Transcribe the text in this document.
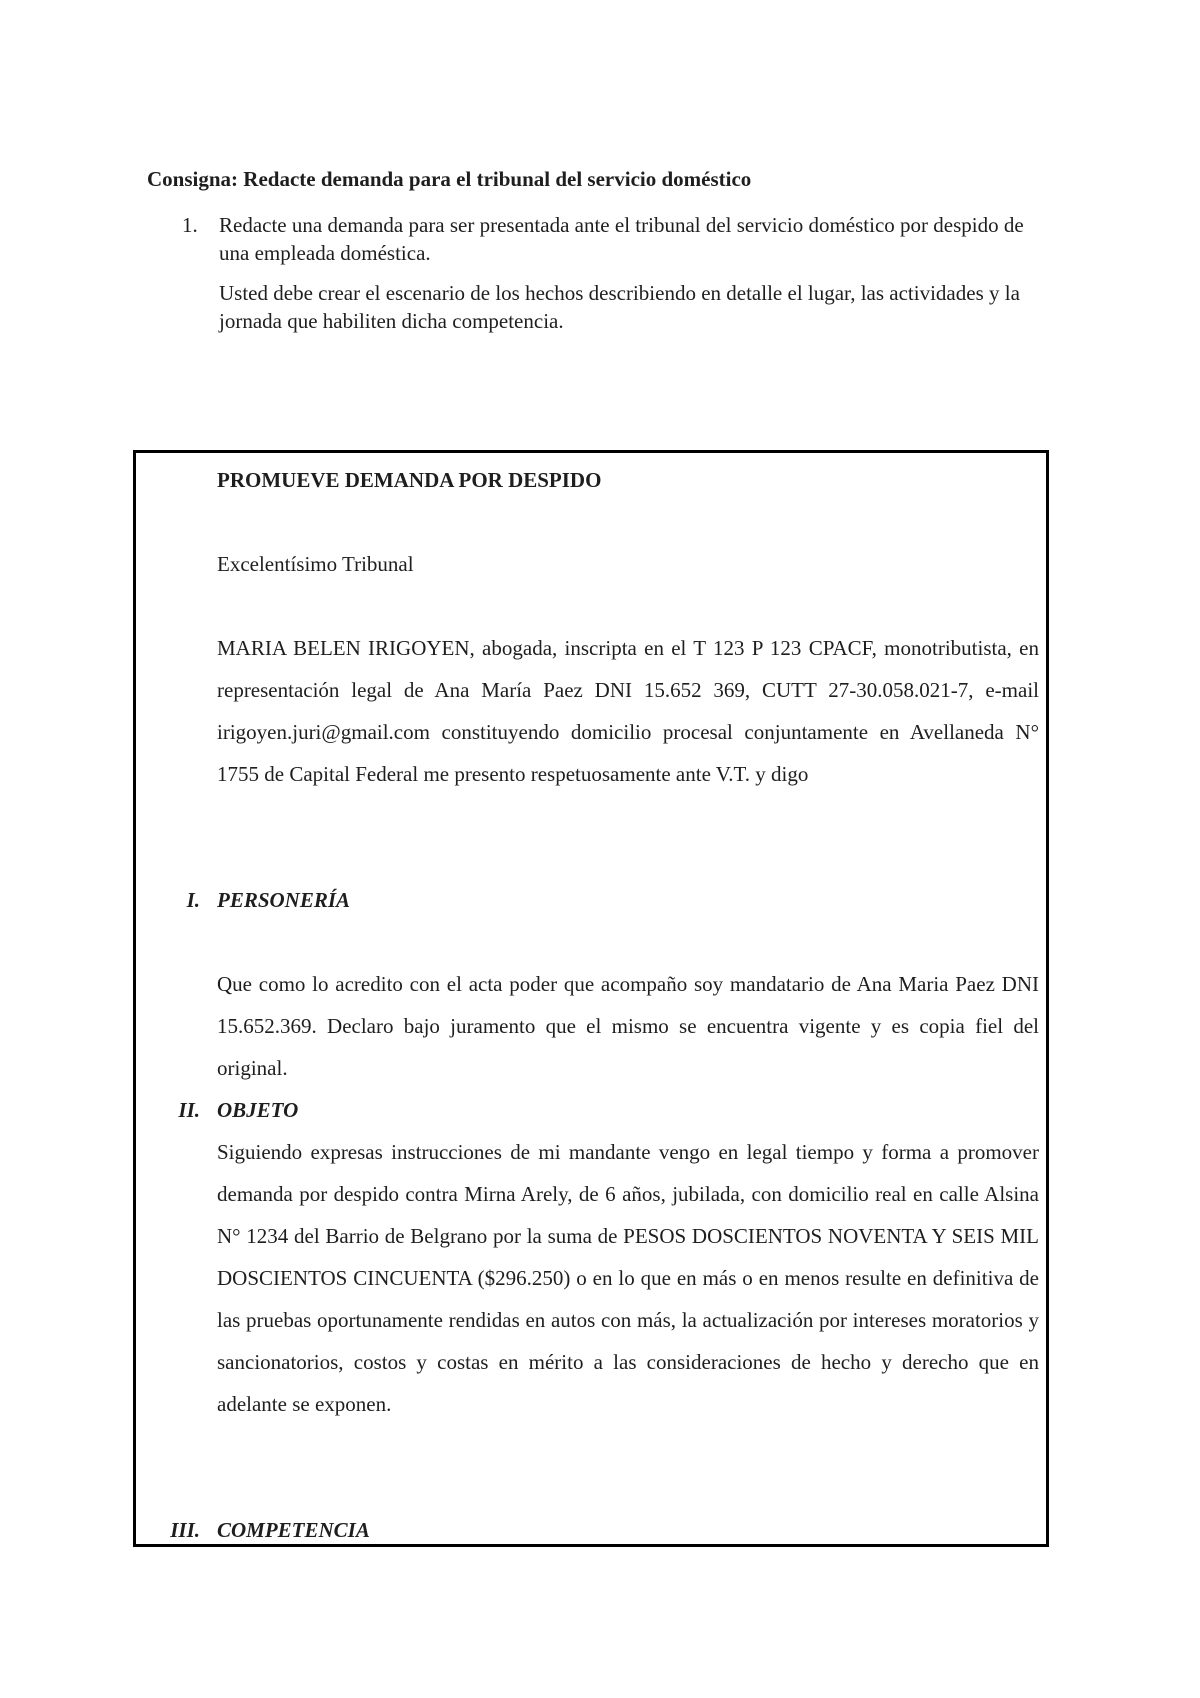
Consigna: Redacte demanda para el tribunal del servicio doméstico
1. Redacte una demanda para ser presentada ante el tribunal del servicio doméstico por despido de una empleada doméstica.

Usted debe crear el escenario de los hechos describiendo en detalle el lugar, las actividades y la jornada que habiliten dicha competencia.

PROMUEVE DEMANDA POR DESPIDO

Excelentísimo Tribunal

MARIA BELEN IRIGOYEN, abogada, inscripta en el T 123 P 123 CPACF, monotributista, en representación legal de Ana María Paez DNI 15.652 369, CUTT 27-30.058.021-7, e-mail irigoyen.juri@gmail.com constituyendo domicilio procesal conjuntamente en Avellaneda N° 1755 de Capital Federal me presento respetuosamente ante V.T. y digo

I. PERSONERÍA

Que como lo acredito con el acta poder que acompaño soy mandatario de Ana Maria Paez DNI 15.652.369. Declaro bajo juramento que el mismo se encuentra vigente y es copia fiel del original.

II. OBJETO

Siguiendo expresas instrucciones de mi mandante vengo en legal tiempo y forma a promover demanda por despido contra Mirna Arely, de 6 años, jubilada, con domicilio real en calle Alsina N° 1234 del Barrio de Belgrano por la suma de PESOS DOSCIENTOS NOVENTA Y SEIS MIL DOSCIENTOS CINCUENTA ($296.250) o en lo que en más o en menos resulte en definitiva de las pruebas oportunamente rendidas en autos con más, la actualización por intereses moratorios y sancionatorios, costos y costas en mérito a las consideraciones de hecho y derecho que en adelante se exponen.

III. COMPETENCIA
